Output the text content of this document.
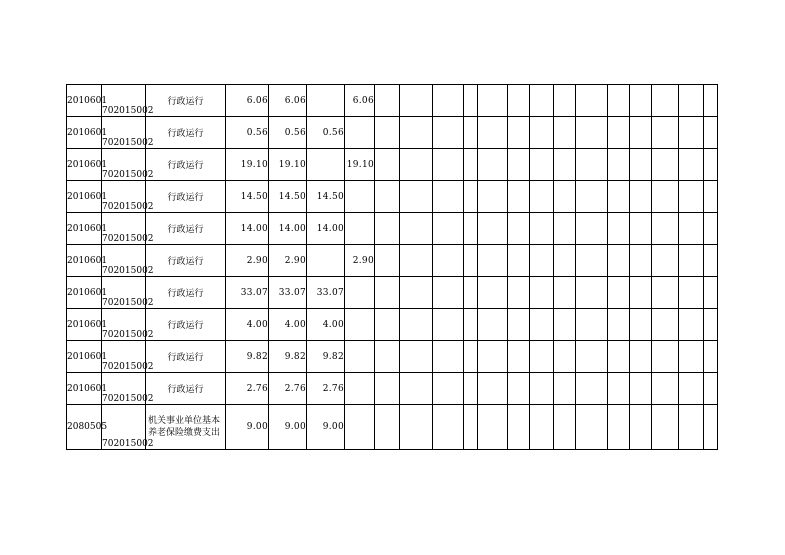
2010601	702015002	行政运行	6.06	6.06		6.06														
2010601	702015002	行政运行	0.56	0.56	0.56															
2010601	702015002	行政运行	19.10	19.10		19.10														
2010601	702015002	行政运行	14.50	14.50	14.50															
2010601	702015002	行政运行	14.00	14.00	14.00															
2010601	702015002	行政运行	2.90	2.90		2.90														
2010601	702015002	行政运行	33.07	33.07	33.07															
2010601	702015002	行政运行	4.00	4.00	4.00															
2010601	702015002	行政运行	9.82	9.82	9.82															
2010601	702015002	行政运行	2.76	2.76	2.76															
2080505	702015002	机关事业单位基本养老保险缴费支出	9.00	9.00	9.00															
